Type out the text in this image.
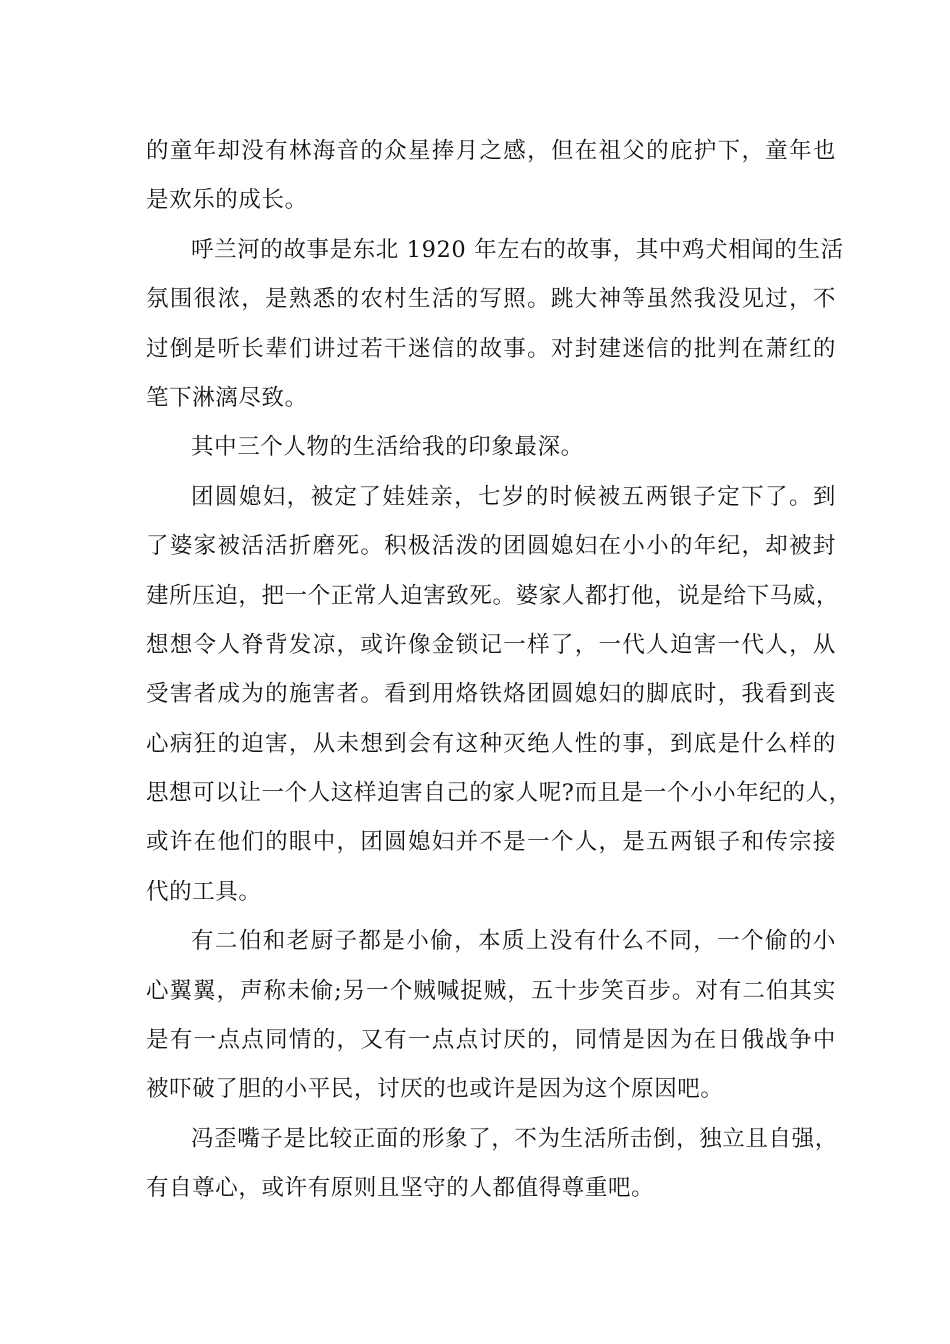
的童年却没有林海音的众星捧月之感，但在祖父的庇护下，童年也
是欢乐的成长。
呼兰河的故事是东北 1920 年左右的故事，其中鸡犬相闻的生活
氛围很浓，是熟悉的农村生活的写照。跳大神等虽然我没见过，不
过倒是听长辈们讲过若干迷信的故事。对封建迷信的批判在萧红的
笔下淋漓尽致。
其中三个人物的生活给我的印象最深。
团圆媳妇，被定了娃娃亲，七岁的时候被五两银子定下了。到
了婆家被活活折磨死。积极活泼的团圆媳妇在小小的年纪，却被封
建所压迫，把一个正常人迫害致死。婆家人都打他，说是给下马威，
想想令人脊背发凉，或许像金锁记一样了，一代人迫害一代人，从
受害者成为的施害者。看到用烙铁烙团圆媳妇的脚底时，我看到丧
心病狂的迫害，从未想到会有这种灭绝人性的事，到底是什么样的
思想可以让一个人这样迫害自己的家人呢?而且是一个小小年纪的人，
或许在他们的眼中，团圆媳妇并不是一个人，是五两银子和传宗接
代的工具。
有二伯和老厨子都是小偷，本质上没有什么不同，一个偷的小
心翼翼，声称未偷;另一个贼喊捉贼，五十步笑百步。对有二伯其实
是有一点点同情的，又有一点点讨厌的，同情是因为在日俄战争中
被吓破了胆的小平民，讨厌的也或许是因为这个原因吧。
冯歪嘴子是比较正面的形象了，不为生活所击倒，独立且自强，
有自尊心，或许有原则且坚守的人都值得尊重吧。
